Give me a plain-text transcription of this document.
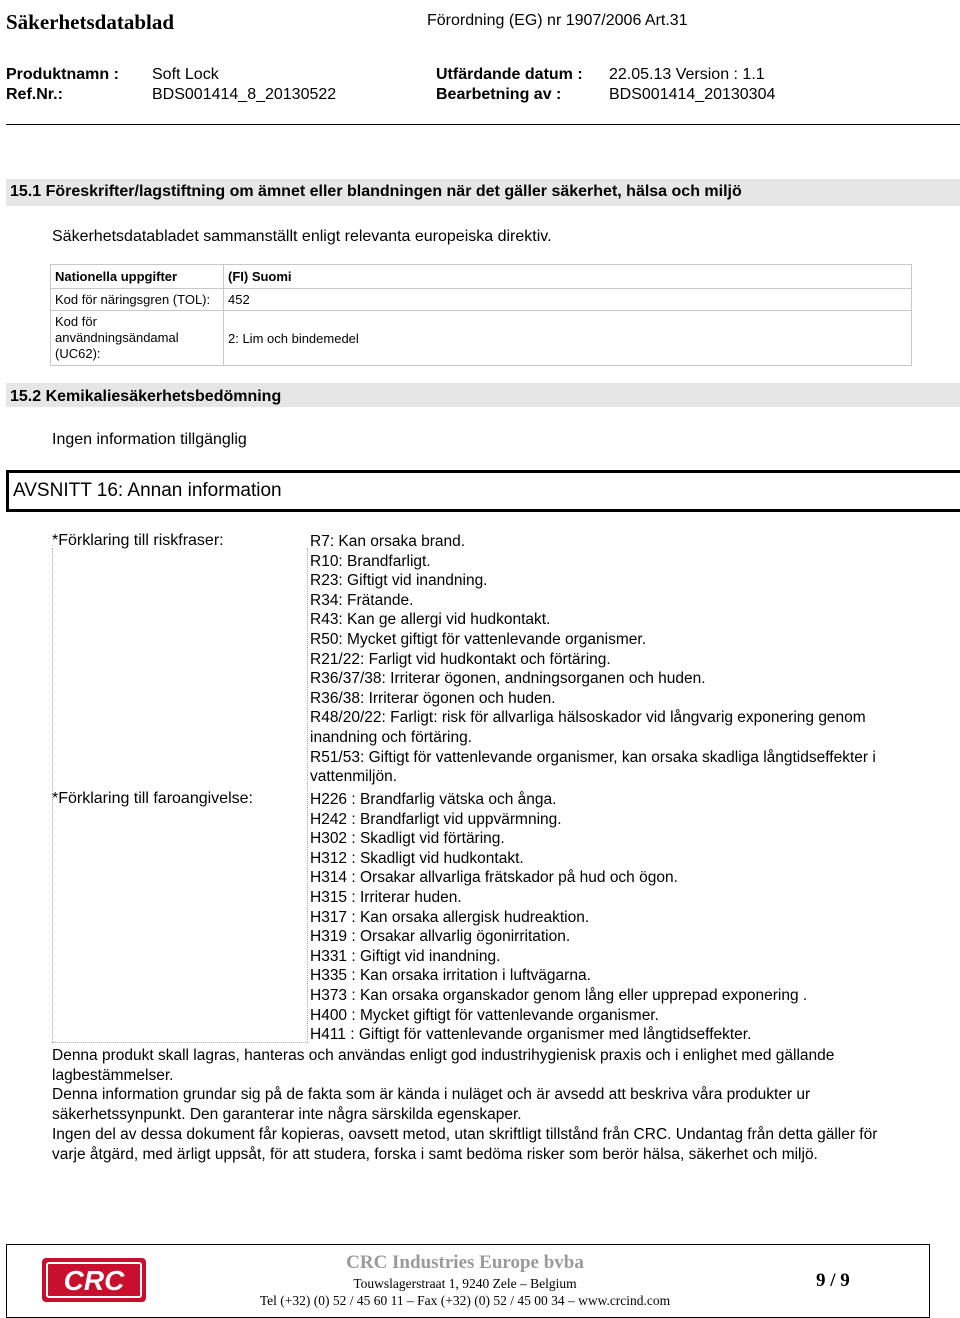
Säkerhetsdatablad	Förordning (EG) nr 1907/2006 Art.31
Produktnamn : Soft Lock	Utfärdande datum : 22.05.13 Version : 1.1
Ref.Nr.:	BDS001414_8_20130522	Bearbetning av :	BDS001414_20130304
15.1 Föreskrifter/lagstiftning om ämnet eller blandningen när det gäller säkerhet, hälsa och miljö
Säkerhetsdatabladet sammanställt enligt relevanta europeiska direktiv.
Nationella uppgifter	(FI) Suomi
Kod för näringsgren (TOL):	452
Kod för användningsändamal (UC62):	2: Lim och bindemedel
15.2 Kemikaliesäkerhetsbedömning
Ingen information tillgänglig
AVSNITT 16: Annan information
*Förklaring till riskfraser:	R7: Kan orsaka brand.
R10: Brandfarligt.
R23: Giftigt vid inandning.
R34: Frätande.
R43: Kan ge allergi vid hudkontakt.
R50: Mycket giftigt för vattenlevande organismer.
R21/22: Farligt vid hudkontakt och förtäring.
R36/37/38: Irriterar ögonen, andningsorganen och huden.
R36/38: Irriterar ögonen och huden.
R48/20/22: Farligt: risk för allvarliga hälsoskador vid långvarig exponering genom inandning och förtäring.
R51/53: Giftigt för vattenlevande organismer, kan orsaka skadliga långtidseffekter i vattenmiljön.
*Förklaring till faroangivelse:	H226 : Brandfarlig vätska och ånga.
H242 : Brandfarligt vid uppvärmning.
H302 : Skadligt vid förtäring.
H312 : Skadligt vid hudkontakt.
H314 : Orsakar allvarliga frätskador på hud och ögon.
H315 : Irriterar huden.
H317 : Kan orsaka allergisk hudreaktion.
H319 : Orsakar allvarlig ögonirritation.
H331 : Giftigt vid inandning.
H335 : Kan orsaka irritation i luftvägarna.
H373 : Kan orsaka organskador genom lång eller upprepad exponering .
H400 : Mycket giftigt för vattenlevande organismer.
H411 : Giftigt för vattenlevande organismer med långtidseffekter.
Denna produkt skall lagras, hanteras och användas enligt god industrihygienisk praxis och i enlighet med gällande lagbestämmelser.
Denna information grundar sig på de fakta som är kända i nuläget och är avsedd att beskriva våra produkter ur säkerhetssynpunkt. Den garanterar inte några särskilda egenskaper.
Ingen del av dessa dokument får kopieras, oavsett metod, utan skriftligt tillstånd från CRC. Undantag från detta gäller för varje åtgärd, med ärligt uppsåt, för att studera, forska i samt bedöma risker som berör hälsa, säkerhet och miljö.
CRC
CRC Industries Europe bvba
Touwslagerstraat 1, 9240 Zele – Belgium
Tel (+32) (0) 52 / 45 60 11 – Fax (+32) (0) 52 / 45 00 34 – www.crcind.com
9 / 9
